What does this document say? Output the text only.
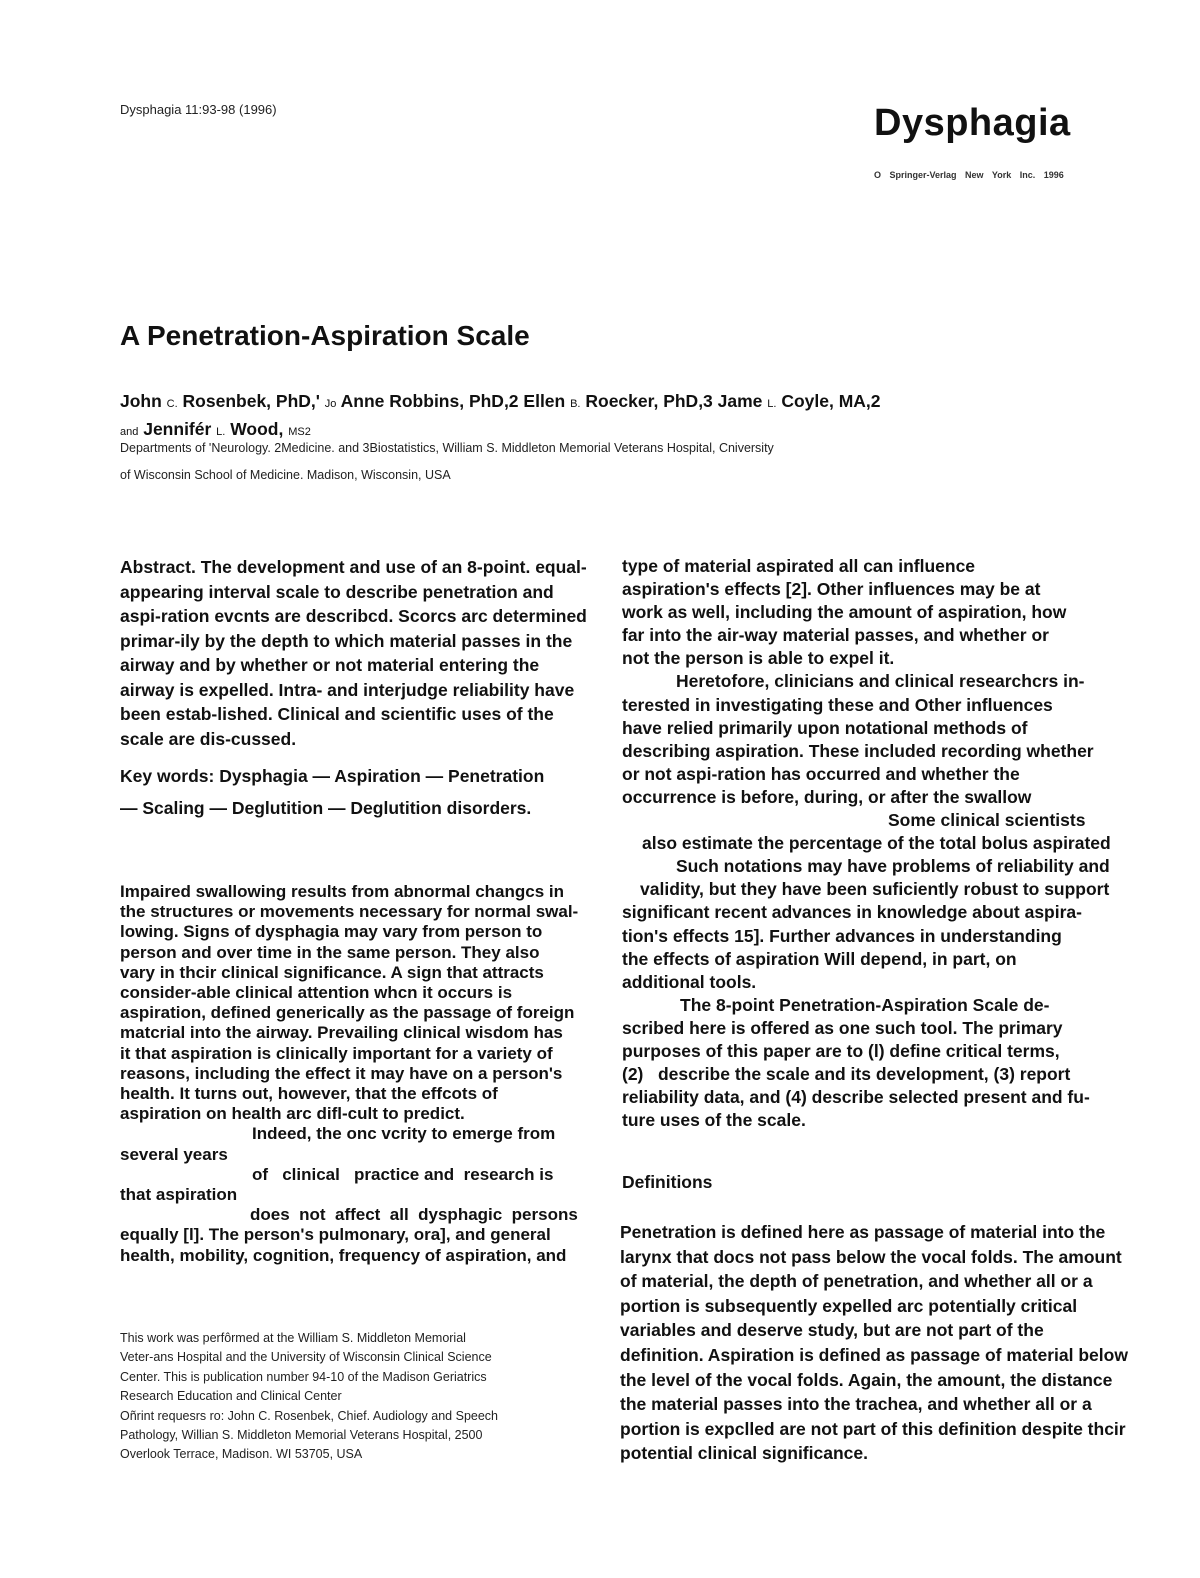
Dysphagia 11:93-98 (1996)	Dysphagia
O Springer-Verlag New York Inc. 1996
A Penetration-Aspiration Scale
John C. Rosenbek, PhD,' Jo Anne Robbins, PhD,2 Ellen B. Roecker, PhD,3 Jame L. Coyle, MA,2
and Jennifér L. Wood, MS2
Departments of 'Neurology. 2Medicine. and 3Biostatistics, William S. Middleton Memorial Veterans Hospital, Cniversity
of Wisconsin School of Medicine. Madison, Wisconsin, USA
Abstract. The development and use of an 8-point. equal-
appearing interval scale to describe penetration and
aspi-ration evcnts are describcd. Scorcs arc determined
primar-ily by the depth to which material passes in the
airway and by whether or not material entering the
airway is expelled. Intra- and interjudge reliability have
been estab-lished. Clinical and scientific uses of the
scale are dis-cussed.
Key words: Dysphagia — Aspiration — Penetration
— Scaling — Deglutition — Deglutition disorders.
Impaired swallowing results from abnormal changcs in
the structures or movements necessary for normal swal-
lowing. Signs of dysphagia may vary from person to
person and over time in the same person. They also
vary in thcir clinical significance. A sign that attracts
consider-able clinical attention whcn it occurs is
aspiration, defined generically as the passage of foreign
matcrial into the airway. Prevailing clinical wisdom has
it that aspiration is clinically important for a variety of
reasons, including the effect it may have on a person's
health. It turns out, however, that the effcots of
aspiration on health arc difl-cult to predict.
Indeed, the onc vcrity to emerge from
several years
of   clinical   practice and  research is
that aspiration
does  not  affect  all  dysphagic  persons
equally [l]. The person's pulmonary, ora], and general
health, mobility, cognition, frequency of aspiration, and
This work was perfôrmed at the William S. Middleton Memorial
Veter-ans Hospital and the University of Wisconsin Clinical Science
Center. This is publication number 94-10 of the Madison Geriatrics
Research Education and Clinical Center
Oñrint requesrs ro: John C. Rosenbek, Chief. Audiology and Speech
Pathology, Willian S. Middleton Memorial Veterans Hospital, 2500
Overlook Terrace, Madison. WI 53705, USA
type of material aspirated all can influence
aspiration's effects [2]. Other influences may be at
work as well, including the amount of aspiration, how
far into the air-way material passes, and whether or
not the person is able to expel it.
Heretofore, clinicians and clinical researchcrs in-
terested in investigating these and Other influences
have relied primarily upon notational methods of
describing aspiration. These included recording whether
or not aspi-ration has occurred and whether the
occurrence is before, during, or after the swallow
Some clinical scientists
also estimate the percentage of the total bolus aspirated
Such notations may have problems of reliability and
validity, but they have been suficiently robust to support
significant recent advances in knowledge about aspira-
tion's effects 15]. Further advances in understanding
the effects of aspiration Will depend, in part, on
additional tools.
The 8-point Penetration-Aspiration Scale de-
scribed here is offered as one such tool. The primary
purposes of this paper are to (l) define critical terms,
(2)   describe the scale and its development, (3) report
reliability data, and (4) describe selected present and fu-
ture uses of the scale.
Definitions
Penetration is defined here as passage of material into the
larynx that docs not pass below the vocal folds. The amount
of material, the depth of penetration, and whether all or a
portion is subsequently expelled arc potentially critical
variables and deserve study, but are not part of the
definition. Aspiration is defined as passage of material below
the level of the vocal folds. Again, the amount, the distance
the material passes into the trachea, and whether all or a
portion is expclled are not part of this definition despite thcir
potential clinical significance.
